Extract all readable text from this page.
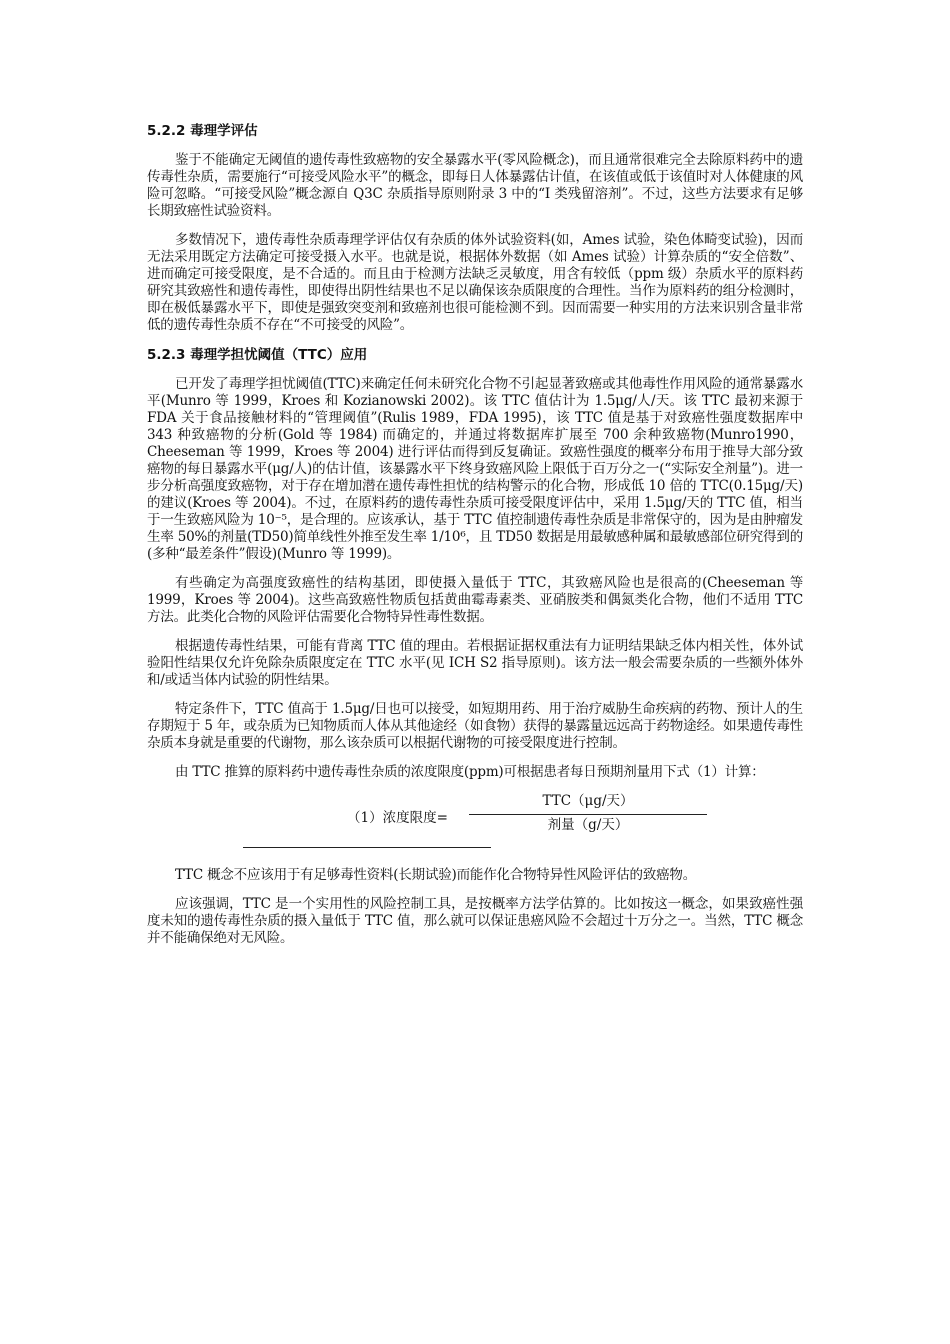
5.2.2 毒理学评估

鉴于不能确定无阈值的遗传毒性致癌物的安全暴露水平(零风险概念)，而且通常很难完全去除原料药中的遗传毒性杂质，需要施行“可接受风险水平”的概念，即每日人体暴露估计值，在该值或低于该值时对人体健康的风险可忽略。“可接受风险”概念源自 Q3C 杂质指导原则附录 3 中的“I 类残留溶剂”。不过，这些方法要求有足够长期致癌性试验资料。

多数情况下，遗传毒性杂质毒理学评估仅有杂质的体外试验资料(如，Ames 试验，染色体畸变试验)，因而无法采用既定方法确定可接受摄入水平。也就是说，根据体外数据（如 Ames 试验）计算杂质的“安全倍数”、进而确定可接受限度，是不合适的。而且由于检测方法缺乏灵敏度，用含有较低（ppm 级）杂质水平的原料药研究其致癌性和遗传毒性，即使得出阴性结果也不足以确保该杂质限度的合理性。当作为原料药的组分检测时，即在极低暴露水平下，即使是强致突变剂和致癌剂也很可能检测不到。因而需要一种实用的方法来识别含量非常低的遗传毒性杂质不存在“不可接受的风险”。

5.2.3 毒理学担忧阈值（TTC）应用

已开发了毒理学担忧阈值(TTC)来确定任何未研究化合物不引起显著致癌或其他毒性作用风险的通常暴露水平(Munro 等 1999，Kroes 和 Kozianowski 2002)。该 TTC 值估计为 1.5μg/人/天。该 TTC 最初来源于 FDA 关于食品接触材料的“管理阈值”(Rulis 1989，FDA 1995)，该 TTC 值是基于对致癌性强度数据库中 343 种致癌物的分析(Gold 等 1984) 而确定的，并通过将数据库扩展至 700 余种致癌物(Munro1990，Cheeseman 等 1999，Kroes 等 2004) 进行评估而得到反复确证。致癌性强度的概率分布用于推导大部分致癌物的每日暴露水平(μg/人)的估计值，该暴露水平下终身致癌风险上限低于百万分之一(“实际安全剂量”)。进一步分析高强度致癌物，对于存在增加潜在遗传毒性担忧的结构警示的化合物，形成低 10 倍的 TTC(0.15μg/天) 的建议(Kroes 等 2004)。不过，在原料药的遗传毒性杂质可接受限度评估中，采用 1.5μg/天的 TTC 值，相当于一生致癌风险为 10⁻⁵，是合理的。应该承认，基于 TTC 值控制遗传毒性杂质是非常保守的，因为是由肿瘤发生率 50%的剂量(TD50)简单线性外推至发生率 1/10⁶，且 TD50 数据是用最敏感种属和最敏感部位研究得到的 (多种“最差条件”假设)(Munro 等 1999)。

有些确定为高强度致癌性的结构基团，即使摄入量低于 TTC，其致癌风险也是很高的(Cheeseman 等 1999，Kroes 等 2004)。这些高致癌性物质包括黄曲霉毒素类、亚硝胺类和偶氮类化合物，他们不适用 TTC 方法。此类化合物的风险评估需要化合物特异性毒性数据。

根据遗传毒性结果，可能有背离 TTC 值的理由。若根据证据权重法有力证明结果缺乏体内相关性，体外试验阳性结果仅允许免除杂质限度定在 TTC 水平(见 ICH S2 指导原则)。该方法一般会需要杂质的一些额外体外和/或适当体内试验的阴性结果。

特定条件下，TTC 值高于 1.5μg/日也可以接受，如短期用药、用于治疗威胁生命疾病的药物、预计人的生存期短于 5 年，或杂质为已知物质而人体从其他途经（如食物）获得的暴露量远远高于药物途经。如果遗传毒性杂质本身就是重要的代谢物，那么该杂质可以根据代谢物的可接受限度进行控制。

由 TTC 推算的原料药中遗传毒性杂质的浓度限度(ppm)可根据患者每日预期剂量用下式（1）计算：

（1）浓度限度=
TTC（μg/天）
剂量（g/天）

TTC 概念不应该用于有足够毒性资料(长期试验)而能作化合物特异性风险评估的致癌物。

应该强调，TTC 是一个实用性的风险控制工具，是按概率方法学估算的。比如按这一概念，如果致癌性强度未知的遗传毒性杂质的摄入量低于 TTC 值，那么就可以保证患癌风险不会超过十万分之一。当然，TTC 概念并不能确保绝对无风险。
